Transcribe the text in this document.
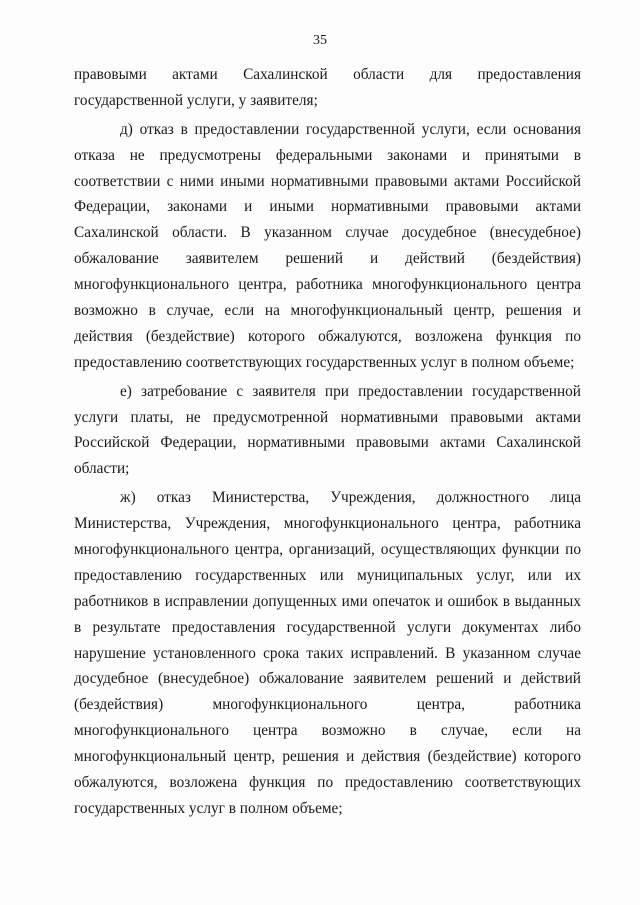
35
правовыми актами Сахалинской области для предоставления
государственной услуги, у заявителя;
д) отказ в предоставлении государственной услуги, если основания
отказа не предусмотрены федеральными законами и принятыми в
соответствии с ними иными нормативными правовыми актами Российской
Федерации, законами и иными нормативными правовыми актами
Сахалинской области. В указанном случае досудебное (внесудебное)
обжалование заявителем решений и действий (бездействия)
многофункционального центра, работника многофункционального центра
возможно в случае, если на многофункциональный центр, решения и
действия (бездействие) которого обжалуются, возложена функция по
предоставлению соответствующих государственных услуг в полном объеме;
е) затребование с заявителя при предоставлении государственной
услуги платы, не предусмотренной нормативными правовыми актами
Российской Федерации, нормативными правовыми актами Сахалинской
области;
ж) отказ Министерства, Учреждения, должностного лица
Министерства, Учреждения, многофункционального центра, работника
многофункционального центра, организаций, осуществляющих функции по
предоставлению государственных или муниципальных услуг, или их
работников в исправлении допущенных ими опечаток и ошибок в выданных
в результате предоставления государственной услуги документах либо
нарушение установленного срока таких исправлений. В указанном случае
досудебное (внесудебное) обжалование заявителем решений и действий
(бездействия) многофункционального центра, работника
многофункционального центра возможно в случае, если на
многофункциональный центр, решения и действия (бездействие) которого
обжалуются, возложена функция по предоставлению соответствующих
государственных услуг в полном объеме;
